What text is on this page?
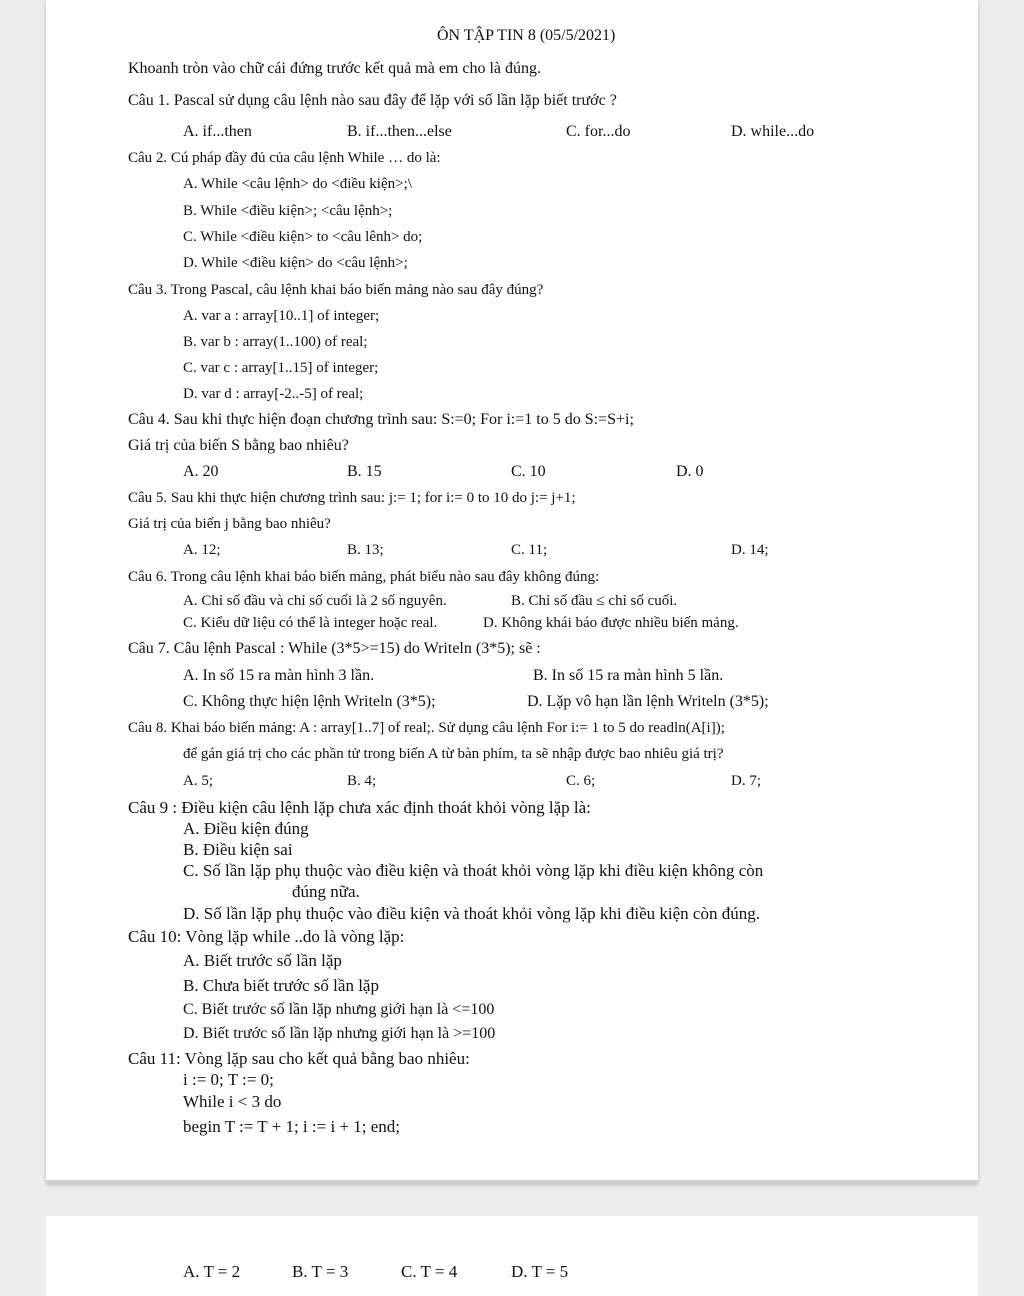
ÔN TẬP TIN 8 (05/5/2021)
Khoanh tròn vào chữ cái đứng trước kết quả mà em cho là đúng.
Câu 1. Pascal sử dụng câu lệnh nào sau đây để lặp với số lần lặp biết trước ?
A. if...then	B. if...then...else	C. for...do	D. while...do
Câu 2. Cú pháp đầy đủ của câu lệnh While … do là:
A. While <câu lệnh> do <điều kiện>;\
B. While <điều kiện>; <câu lệnh>;
C. While <điều kiện> to <câu lênh> do;
D. While <điều kiện> do <câu lệnh>;
Câu 3. Trong Pascal, câu lệnh khai báo biến mảng nào sau đây đúng?
A. var a : array[10..1] of integer;
B. var b : array(1..100) of real;
C. var c : array[1..15] of integer;
D. var d : array[-2..-5] of real;
Câu 4. Sau khi thực hiện đoạn chương trình sau: S:=0; For i:=1 to 5 do S:=S+i;
Giá trị của biến S bằng bao nhiêu?
A. 20	B. 15	C. 10	D. 0
Câu 5. Sau khi thực hiện chương trình sau: j:= 1; for i:= 0 to 10 do j:= j+1;
Giá trị của biến j bằng bao nhiêu?
A. 12;	B. 13;	C. 11;	D. 14;
Câu 6. Trong câu lệnh khai báo biến mảng, phát biểu nào sau đây không đúng:
A. Chỉ số đầu và chỉ số cuối là 2 số nguyên.	B. Chỉ số đầu ≤ chỉ số cuối.
C. Kiểu dữ liệu có thể là integer hoặc real.	D. Không khái báo được nhiều biến mảng.
Câu 7. Câu lệnh Pascal : While (3*5>=15) do Writeln (3*5); sẽ :
A. In số 15 ra màn hình 3 lần.	B. In số 15 ra màn hình 5 lần.
C. Không thực hiện lệnh Writeln (3*5);	D. Lặp vô hạn lần lệnh Writeln (3*5);
Câu 8. Khai báo biến mảng: A : array[1..7] of real;. Sử dụng câu lệnh For i:= 1 to 5 do readln(A[i]);
để gán giá trị cho các phần tử trong biến A từ bàn phím, ta sẽ nhập được bao nhiêu giá trị?
A. 5;	B. 4;	C. 6;	D. 7;
Câu 9 : Điều kiện câu lệnh lặp chưa xác định thoát khỏi vòng lặp là:
A. Điều kiện đúng
B. Điều kiện sai
C. Số lần lặp phụ thuộc vào điều kiện và thoát khỏi vòng lặp khi điều kiện không còn
đúng nữa.
D. Số lần lặp phụ thuộc vào điều kiện và thoát khỏi vòng lặp khi điều kiện còn đúng.
Câu 10: Vòng lặp while ..do là vòng lặp:
A. Biết trước số lần lặp
B. Chưa biết trước số lần lặp
C. Biết trước số lần lặp nhưng giới hạn là <=100
D. Biết trước số lần lặp nhưng giới hạn là >=100
Câu 11: Vòng lặp sau cho kết quả bằng bao nhiêu:
i := 0; T := 0;
While i < 3 do
begin T := T + 1; i := i + 1; end;
A. T = 2	B. T = 3	C. T = 4	D. T = 5
